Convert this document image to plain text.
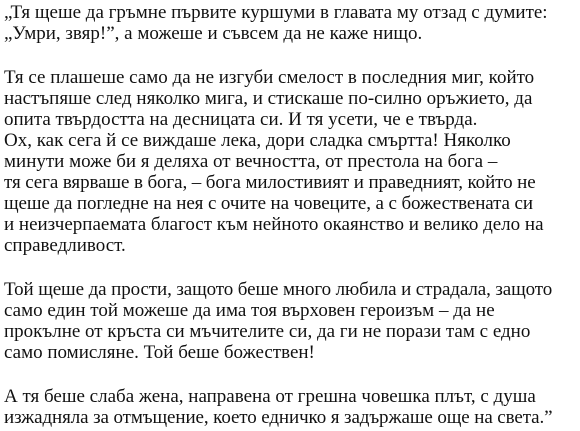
„Тя щеше да гръмне първите куршуми в главата му отзад с думите:
„Умри, звяр!”, а можеше и съвсем да не каже нищо.
Тя се плашеше само да не изгуби смелост в последния миг, който
настъпяше след няколко мига, и стискаше по-силно оръжието, да
опита твърдостта на десницата си. И тя усети, че е твърда.
Ох, как сега й се виждаше лека, дори сладка смъртта! Няколко
минути може би я деляха от вечността, от престола на бога –
тя сега вярваше в бога, – бога милостивият и праведният, който не
щеше да погледне на нея с очите на човеците, а с божествената си
и неизчерпаемата благост към нейното окаянство и велико дело на
справедливост.
Той щеше да прости, защото беше много любила и страдала, защото
само един той можеше да има тоя върховен героизъм – да не
прокълне от кръста си мъчителите си, да ги не порази там с едно
само помисляне. Той беше божествен!
А тя беше слаба жена, направена от грешна човешка плът, с душа
изжадняла за отмъщение, което едничко я задържаше още на света.”
